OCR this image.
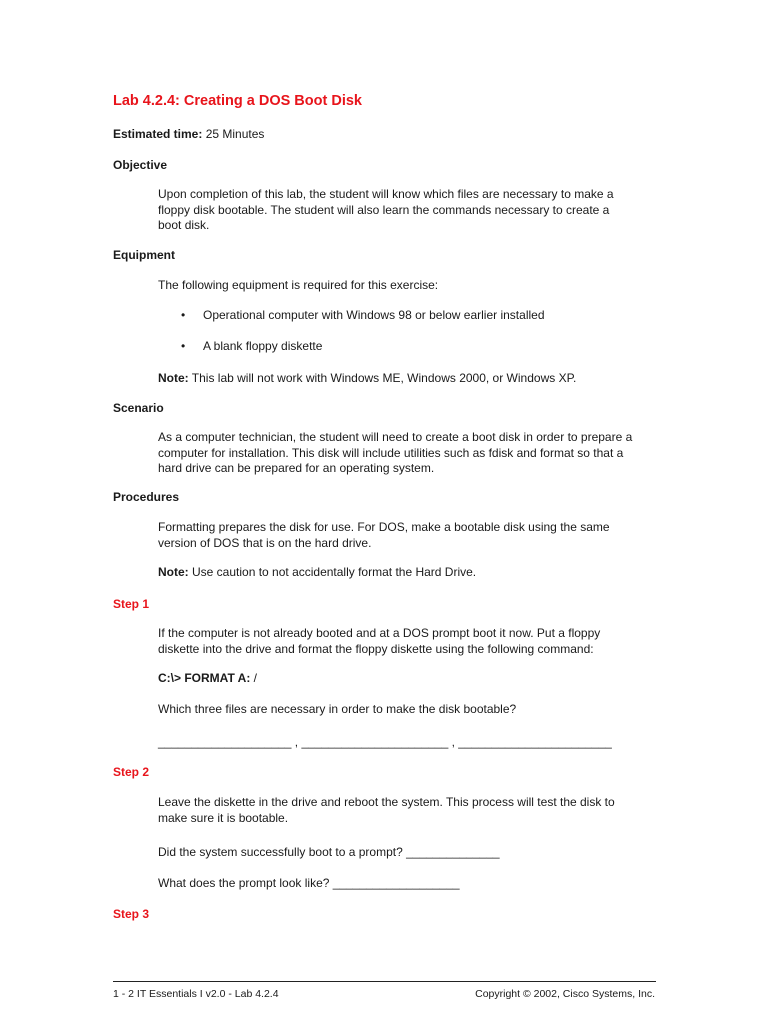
Lab 4.2.4: Creating a DOS Boot Disk
Estimated time: 25 Minutes
Objective
Upon completion of this lab, the student will know which files are necessary to make a
floppy disk bootable. The student will also learn the commands necessary to create a
boot disk.
Equipment
The following equipment is required for this exercise:
• Operational computer with Windows 98 or below earlier installed
• A blank floppy diskette
Note: This lab will not work with Windows ME, Windows 2000, or Windows XP.
Scenario
As a computer technician, the student will need to create a boot disk in order to prepare a
computer for installation. This disk will include utilities such as fdisk and format so that a
hard drive can be prepared for an operating system.
Procedures
Formatting prepares the disk for use. For DOS, make a bootable disk using the same
version of DOS that is on the hard drive.
Note: Use caution to not accidentally format the Hard Drive.
Step 1
If the computer is not already booted and at a DOS prompt boot it now. Put a floppy
diskette into the drive and format the floppy diskette using the following command:
C:\> FORMAT A: /
Which three files are necessary in order to make the disk bootable?
____________________ , ______________________ , _______________________
Step 2
Leave the diskette in the drive and reboot the system. This process will test the disk to
make sure it is bootable.
Did the system successfully boot to a prompt? ______________
What does the prompt look like? ___________________
Step 3
1 - 2 IT Essentials I v2.0 - Lab 4.2.4	Copyright © 2002, Cisco Systems, Inc.
